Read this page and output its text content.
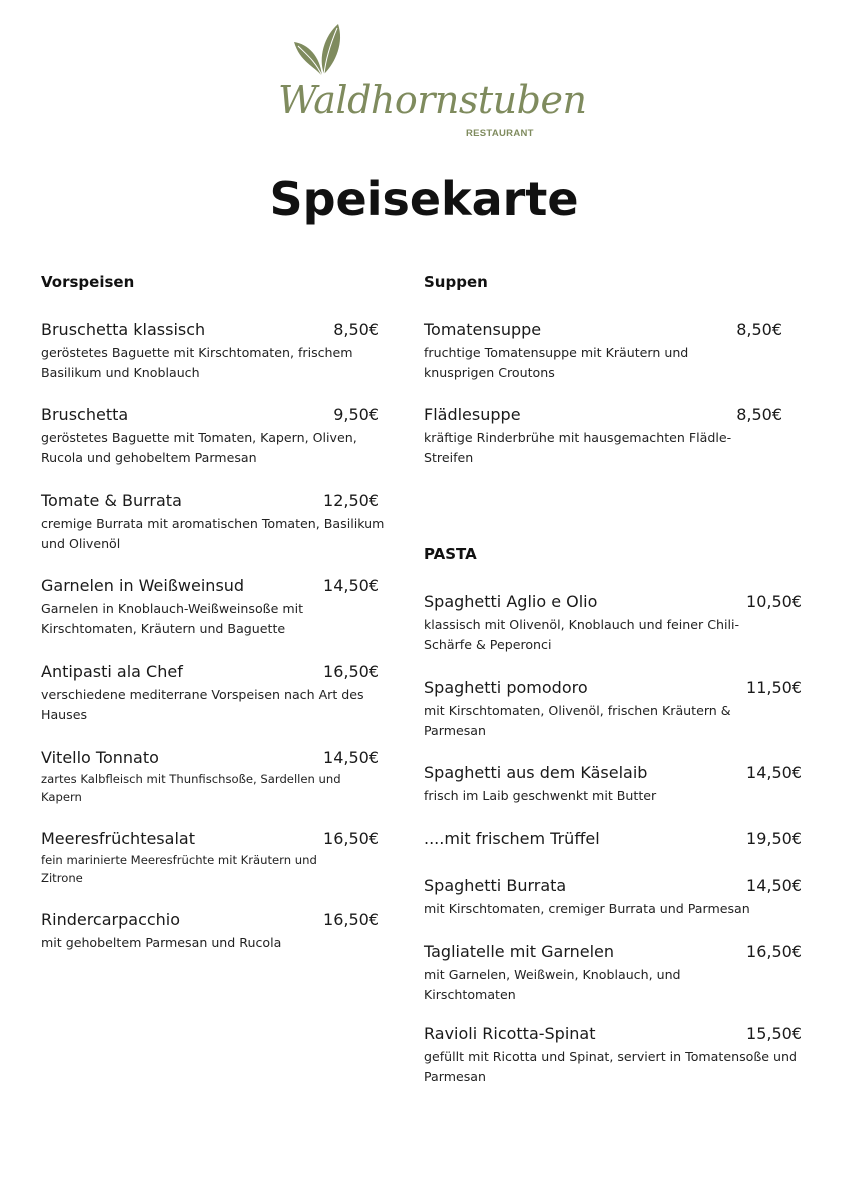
Waldhornstuben
RESTAURANT
Speisekarte
Vorspeisen
Bruschetta klassisch	8,50€
geröstetes Baguette mit Kirschtomaten, frischem Basilikum und Knoblauch
Bruschetta	9,50€
geröstetes Baguette mit Tomaten, Kapern, Oliven, Rucola und gehobeltem Parmesan
Tomate & Burrata	12,50€
cremige Burrata mit aromatischen Tomaten, Basilikum und Olivenöl
Garnelen in Weißweinsud	14,50€
Garnelen in Knoblauch-Weißweinsoße mit Kirschtomaten, Kräutern und Baguette
Antipasti ala Chef	16,50€
verschiedene mediterrane Vorspeisen nach Art des Hauses
Vitello Tonnato	14,50€
zartes Kalbfleisch mit Thunfischsoße, Sardellen und Kapern
Meeresfrüchtesalat	16,50€
fein marinierte Meeresfrüchte mit Kräutern und Zitrone
Rindercarpacchio	16,50€
mit gehobeltem Parmesan und Rucola
Suppen
Tomatensuppe	8,50€
fruchtige Tomatensuppe mit Kräutern und knusprigen Croutons
Flädlesuppe	8,50€
kräftige Rinderbrühe mit hausgemachten Flädle-Streifen
PASTA
Spaghetti Aglio e Olio	10,50€
klassisch mit Olivenöl, Knoblauch und feiner Chili-Schärfe & Peperonci
Spaghetti pomodoro	11,50€
mit Kirschtomaten, Olivenöl, frischen Kräutern & Parmesan
Spaghetti aus dem Käselaib	14,50€
frisch im Laib geschwenkt mit Butter
....mit frischem Trüffel	19,50€
Spaghetti Burrata	14,50€
mit Kirschtomaten, cremiger Burrata und Parmesan
Tagliatelle mit Garnelen	16,50€
mit Garnelen, Weißwein, Knoblauch, und Kirschtomaten
Ravioli Ricotta-Spinat	15,50€
gefüllt mit Ricotta und Spinat, serviert in Tomatensoße und Parmesan
